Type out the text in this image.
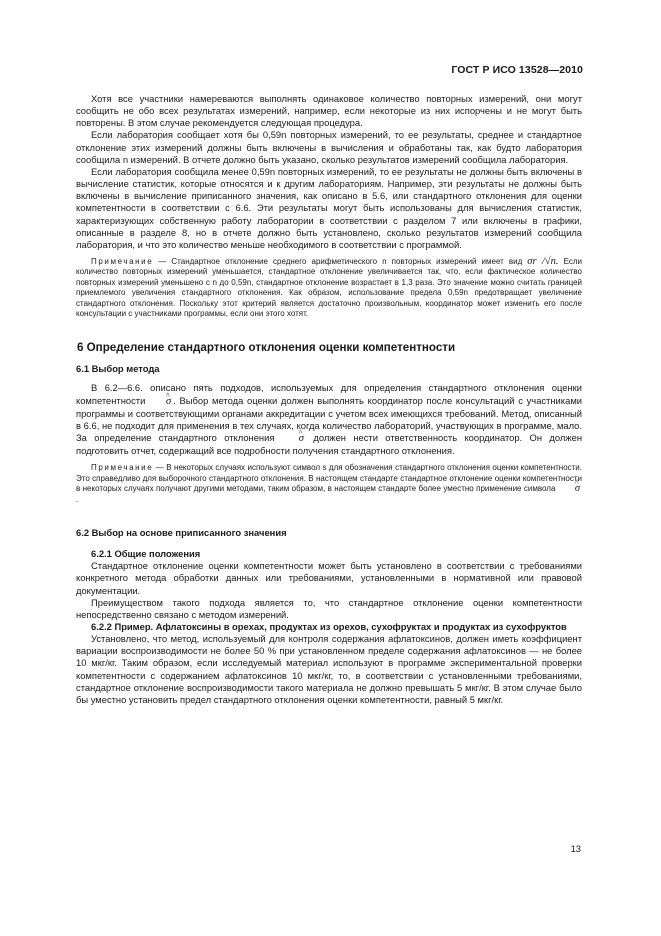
ГОСТ Р ИСО 13528—2010

Хотя все участники намереваются выполнять одинаковое количество повторных измерений, они могут сообщить не обо всех результатах измерений, например, если некоторые из них испорчены и не могут быть повторены. В этом случае рекомендуется следующая процедура.

Если лаборатория сообщает хотя бы 0,59n повторных измерений, то ее результаты, среднее и стандартное отклонение этих измерений должны быть включены в вычисления и обработаны так, как будто лаборатория сообщила n измерений. В отчете должно быть указано, сколько результатов измерений сообщила лаборатория.

Если лаборатория сообщила менее 0,59n повторных измерений, то ее результаты не должны быть включены в вычисление статистик, которые относятся и к другим лабораториям. Например, эти результаты не должны быть включены в вычисление приписанного значения, как описано в 5.6, или стандартного отклонения для оценки компетентности в соответствии с 6.6. Эти результаты могут быть использованы для вычисления статистик, характеризующих собственную работу лаборатории в соответствии с разделом 7 или включены в графики, описанные в разделе 8, но в отчете должно быть установлено, сколько результатов измерений сообщила лаборатория, и что это количество меньше необходимого в соответствии с программой.

Примечание — Стандартное отклонение среднего арифметического n повторных измерений имеет вид σr /√n. Если количество повторных измерений уменьшается, стандартное отклонение увеличивается так, что, если фактическое количество повторных измерений уменьшено с n до 0,59n, стандартное отклонение возрастает в 1,3 раза. Это значение можно считать границей приемлемого увеличения стандартного отклонения. Как образом, использование предела 0,59n предотвращает увеличение стандартного отклонения. Поскольку этот критерий является достаточно произвольным, координатор может изменить его после консультации с участниками программы, если они этого хотят.

6 Определение стандартного отклонения оценки компетентности
6.1 Выбор метода

В 6.2—6.6. описано пять подходов, используемых для определения стандартного отклонения оценки компетентности ^ σ . Выбор метода оценки должен выполнять координатор после консультаций с участниками программы и соответствующими органами аккредитации с учетом всех имеющихся требований. Метод, описанный в 6.6, не подходит для применения в тех случаях, когда количество лабораторий, участвующих в программе, мало. За определение стандартного отклонения ^ σ должен нести ответственность координатор. Он должен подготовить отчет, содержащий все подробности получения стандартного отклонения.

Примечание — В некоторых случаях используют символ s для обозначения стандартного отклонения оценки компетентности. Это справедливо для выборочного стандартного отклонения. В настоящем стандарте стандартное отклонение оценки компетентности в некоторых случаях получают другими методами, таким образом, в настоящем стандарте более уместно применение символа ^ σ .

6.2 Выбор на основе приписанного значения

6.2.1 Общие положения

Стандартное отклонение оценки компетентности может быть установлено в соответствии с требованиями конкретного метода обработки данных или требованиями, установленными в нормативной или правовой документации.

Преимуществом такого подхода является то, что стандартное отклонение оценки компетентности непосредственно связано с методом измерений.

6.2.2 Пример. Афлатоксины в орехах, продуктах из орехов, сухофруктах и продуктах из сухофруктов

Установлено, что метод, используемый для контроля содержания афлатоксинов, должен иметь коэффициент вариации воспроизводимости не более 50 % при установленном пределе содержания афлатоксинов — не более 10 мкг/кг. Таким образом, если исследуемый материал используют в программе экспериментальной проверки компетентности с содержанием афлатоксинов 10 мкг/кг, то, в соответствии с установленными требованиями, стандартное отклонение воспроизводимости такого материала не должно превышать 5 мкг/кг. В этом случае было бы уместно установить предел стандартного отклонения оценки компетентности, равный 5 мкг/кг.

13
